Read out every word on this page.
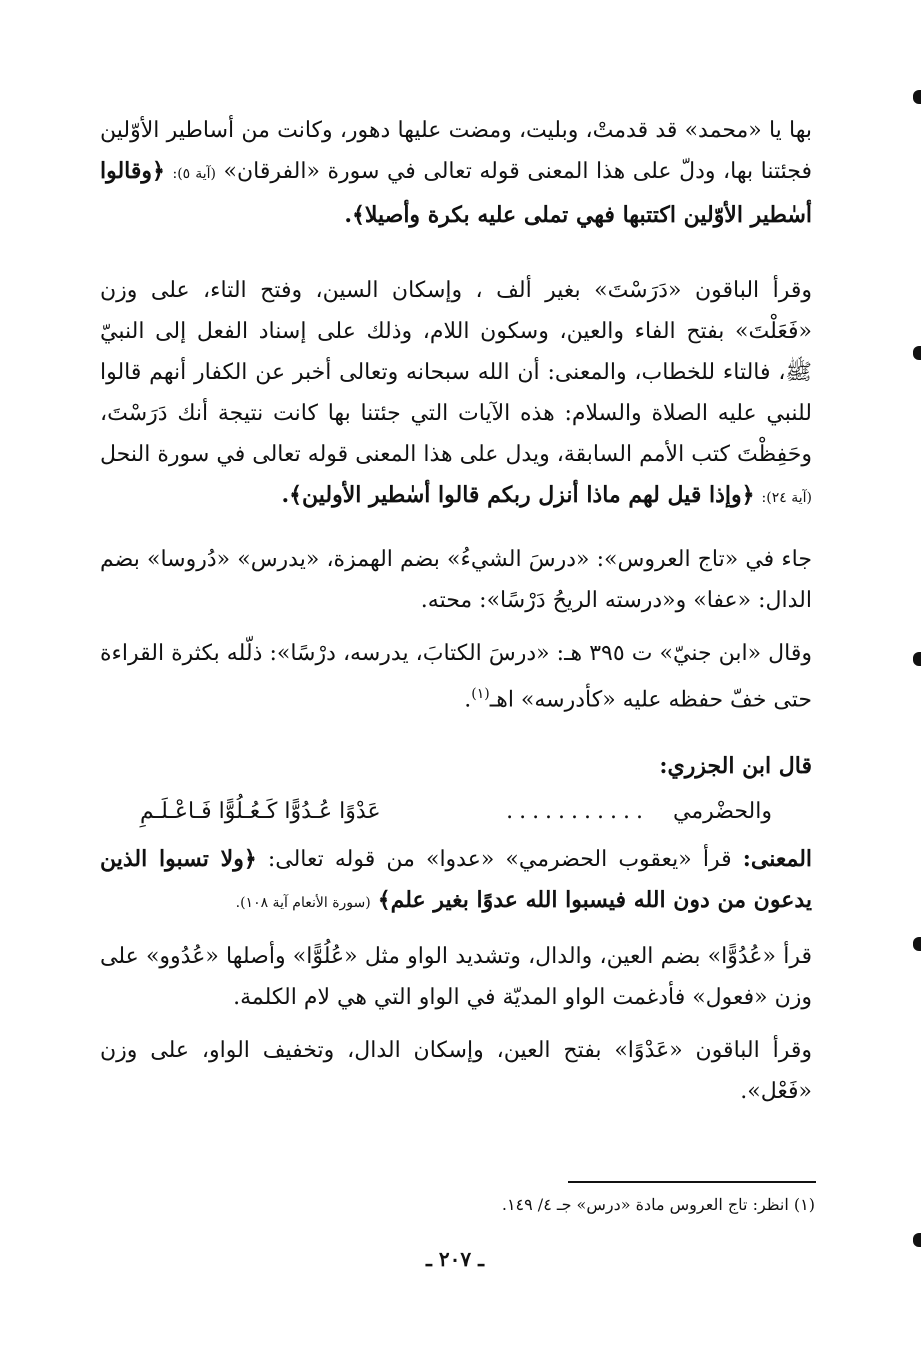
بها يا «محمد» قد قدمتْ، وبليت، ومضت عليها دهور، وكانت من أساطير الأوّلين فجئتنا بها، ودلّ على هذا المعنى قوله تعالى في سورة «الفرقان» (آية ٥): ﴿وقالوا أسٰطير الأوّلين اكتتبها فهي تملى عليه بكرة وأصيلا﴾.

وقرأ الباقون «دَرَسْتَ» بغير ألف ، وإسكان السين، وفتح التاء، على وزن «فَعَلْتَ» بفتح الفاء والعين، وسكون اللام، وذلك على إسناد الفعل إلى النبيّ ﷺ، فالتاء للخطاب، والمعنى: أن الله سبحانه وتعالى أخبر عن الكفار أنهم قالوا للنبي عليه الصلاة والسلام: هذه الآيات التي جئتنا بها كانت نتيجة أنك دَرَسْتَ، وحَفِظْتَ كتب الأمم السابقة، ويدل على هذا المعنى قوله تعالى في سورة النحل (آية ٢٤): ﴿وإذا قيل لهم ماذا أنزل ربكم قالوا أسٰطير الأولين﴾.

جاء في «تاج العروس»: «درسَ الشيءُ» بضم الهمزة، «يدرس» «دُروسا» بضم الدال: «عفا» و«درسته الريحُ دَرْسًا»: محته.

وقال «ابن جنيّ» ت ٣٩٥ هـ: «درسَ الكتابَ، يدرسه، درْسًا»: ذلّله بكثرة القراءة حتى خفّ حفظه عليه «كأدرسه» اهـ$^{(١)}$.

قال ابن الجزري:
والحضْرمي
...........
عَدْوًا عُـدُوًّا كَـعُـلُوًّا فَـاعْـلَـمِ

المعنى: قرأ «يعقوب الحضرمي» «عدوا» من قوله تعالى: ﴿ولا تسبوا الذين يدعون من دون الله فيسبوا الله عدوًا بغير علم﴾ (سورة الأنعام آية ١٠٨).

قرأ «عُدُوًّا» بضم العين، والدال، وتشديد الواو مثل «عُلُوًّا» وأصلها «عُدُوو» على وزن «فعول» فأدغمت الواو المديّة في الواو التي هي لام الكلمة.

وقرأ الباقون «عَدْوًا» بفتح العين، وإسكان الدال، وتخفيف الواو، على وزن «فَعْل».

(١) انظر: تاج العروس مادة «درس» جـ ٤/ ١٤٩.
ـ ٢٠٧ ـ
